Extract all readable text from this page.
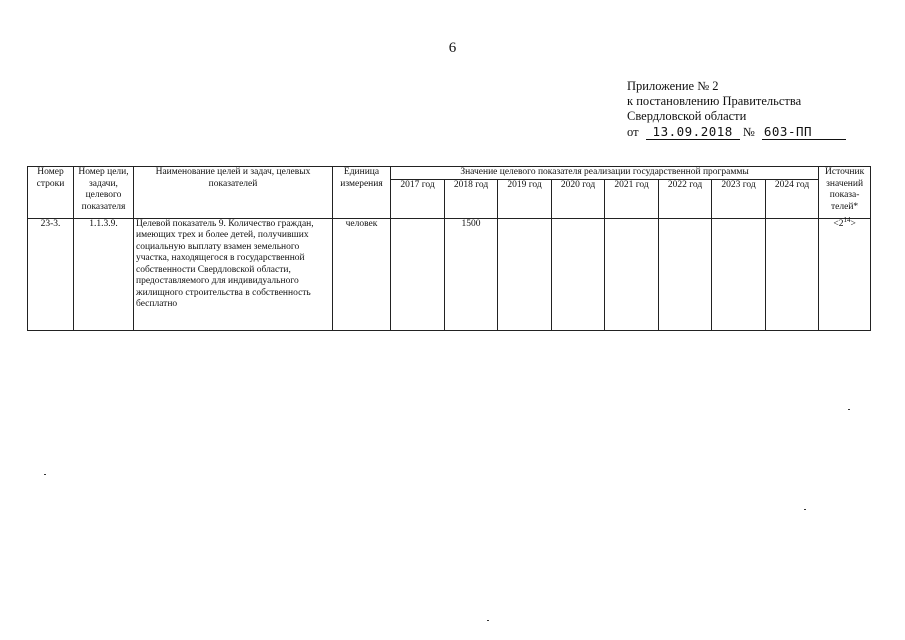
6
Приложение № 2
к постановлению Правительства
Свердловской области
от 13.09.2018 № 603-ПП
Номер строки	Номер цели, задачи, целевого показателя	Наименование целей и задач, целевых показателей	Единица измерения	Значение целевого показателя реализации государственной программы								Источник значений показа-телей*
				2017 год	2018 год	2019 год	2020 год	2021 год	2022 год	2023 год	2024 год	
23-3.	1.1.3.9.	Целевой показатель 9. Количество граждан, имеющих трех и более детей, получивших социальную выплату взамен земельного участка, находящегося в государственной собственности Свердловской области, предоставляемого для индивидуального жилищного строительства в собственность бесплатно	человек		1500							$<2^{14}>$
